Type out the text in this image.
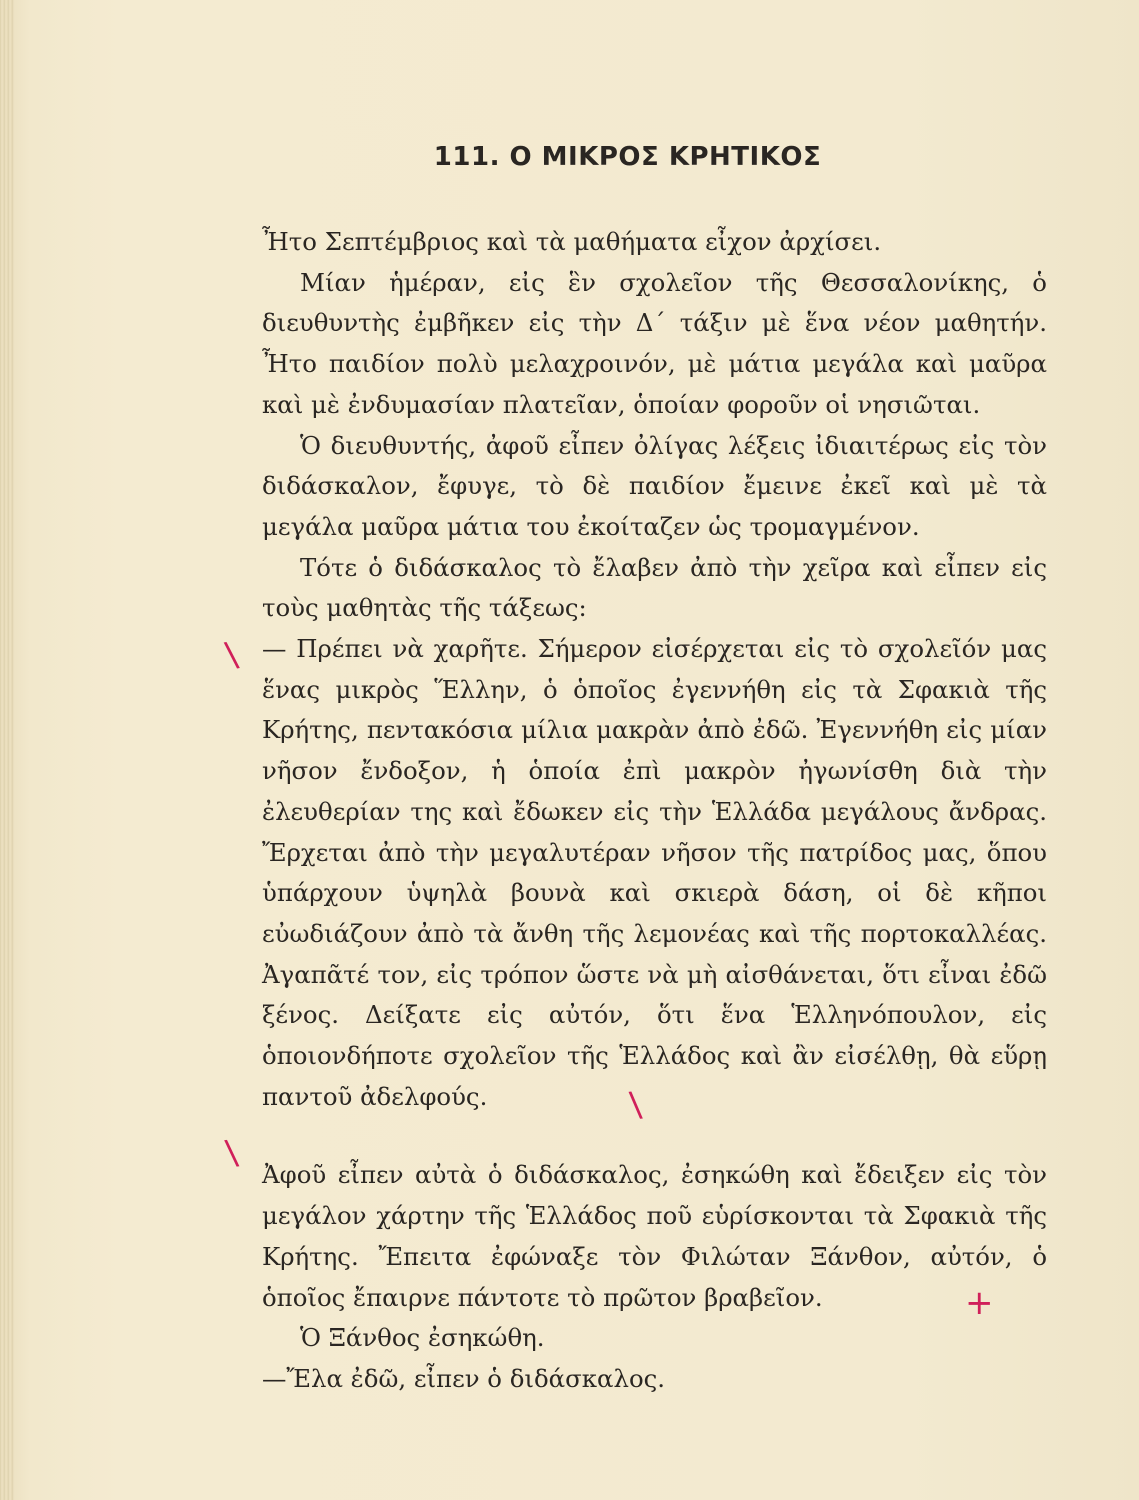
111. Ο ΜΙΚΡΟΣ ΚΡΗΤΙΚΟΣ

Ἦτο Σεπτέμβριος καὶ τὰ μαθήματα εἶχον ἀρχίσει.

Μίαν ἡμέραν, εἰς ἓν σχολεῖον τῆς Θεσσαλονίκης, ὁ διευθυντὴς ἐμβῆκεν εἰς τὴν Δ΄ τάξιν μὲ ἕνα νέον μαθητήν. Ἦτο παιδίον πολὺ μελαχροινόν, μὲ μάτια μεγάλα καὶ μαῦρα καὶ μὲ ἐνδυμασίαν πλατεῖαν, ὁποίαν φοροῦν οἱ νησιῶται.

Ὁ διευθυντής, ἀφοῦ εἶπεν ὀλίγας λέξεις ἰδιαιτέρως εἰς τὸν διδάσκαλον, ἔφυγε, τὸ δὲ παιδίον ἔμεινε ἐκεῖ καὶ μὲ τὰ μεγάλα μαῦρα μάτια του ἐκοίταζεν ὡς τρομαγμένον.

Τότε ὁ διδάσκαλος τὸ ἔλαβεν ἀπὸ τὴν χεῖρα καὶ εἶπεν εἰς τοὺς μαθητὰς τῆς τάξεως:

— Πρέπει νὰ χαρῆτε. Σήμερον εἰσέρχεται εἰς τὸ σχολεῖόν μας ἕνας μικρὸς Ἕλλην, ὁ ὁποῖος ἐγεννήθη εἰς τὰ Σφακιὰ τῆς Κρήτης, πεντακόσια μίλια μακρὰν ἀπὸ ἐδῶ. Ἐγεννήθη εἰς μίαν νῆσον ἔνδοξον, ἡ ὁποία ἐπὶ μακρὸν ἠγωνίσθη διὰ τὴν ἐλευθερίαν της καὶ ἔδωκεν εἰς τὴν Ἑλλάδα μεγάλους ἄνδρας. Ἔρχεται ἀπὸ τὴν μεγαλυτέραν νῆσον τῆς πατρίδος μας, ὅπου ὑπάρχουν ὑψηλὰ βουνὰ καὶ σκιερὰ δάση, οἱ δὲ κῆποι εὐωδιάζουν ἀπὸ τὰ ἄνθη τῆς λεμονέας καὶ τῆς πορτοκαλλέας. Ἀγαπᾶτέ τον, εἰς τρόπον ὥστε νὰ μὴ αἰσθάνεται, ὅτι εἶναι ἐδῶ ξένος. Δείξατε εἰς αὐτόν, ὅτι ἕνα Ἑλληνόπουλον, εἰς ὁποιονδήποτε σχολεῖον τῆς Ἑλλάδος καὶ ἂν εἰσέλθῃ, θὰ εὕρῃ παντοῦ ἀδελφούς.

Ἀφοῦ εἶπεν αὐτὰ ὁ διδάσκαλος, ἐσηκώθη καὶ ἔδειξεν εἰς τὸν μεγάλον χάρτην τῆς Ἑλλάδος ποῦ εὑρίσκονται τὰ Σφακιὰ τῆς Κρήτης. Ἔπειτα ἐφώναξε τὸν Φιλώταν Ξάνθον, αὐτόν, ὁ ὁποῖος ἔπαιρνε πάντοτε τὸ πρῶτον βραβεῖον.

Ὁ Ξάνθος ἐσηκώθη.

—Ἔλα ἐδῶ, εἶπεν ὁ διδάσκαλος.

\
\
\
+
